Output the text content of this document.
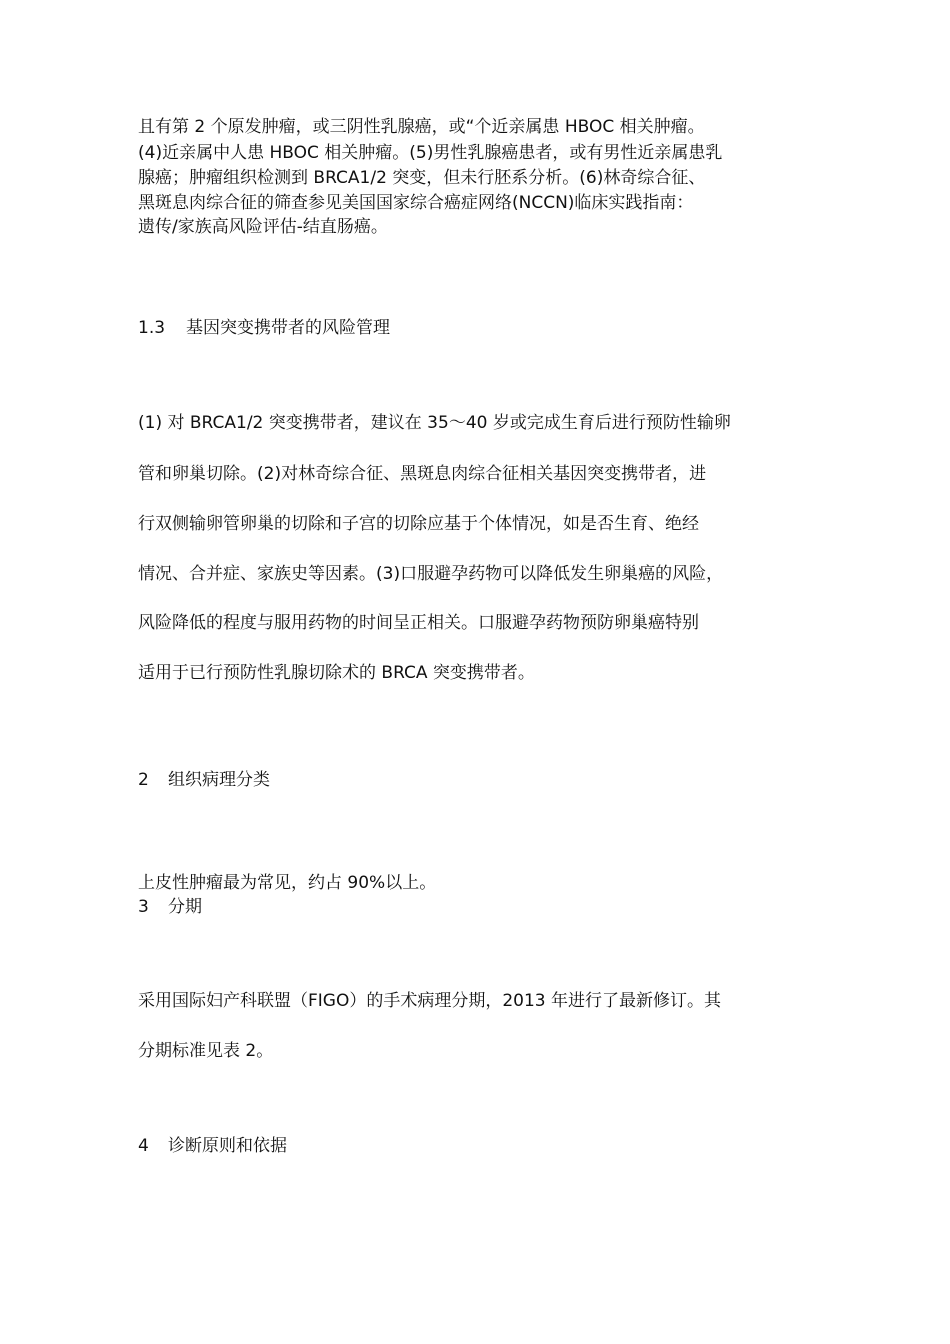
且有第 2 个原发肿瘤，或三阴性乳腺癌，或“个近亲属患 HBOC 相关肿瘤。
(4)近亲属中人患 HBOC 相关肿瘤。(5)男性乳腺癌患者，或有男性近亲属患乳
腺癌；肿瘤组织检测到 BRCA1/2 突变，但未行胚系分析。(6)林奇综合征、
黑斑息肉综合征的筛查参见美国国家综合癌症网络(NCCN)临床实践指南：
遗传/家族高风险评估-结直肠癌。
1.3 基因突变携带者的风险管理
(1) 对 BRCA1/2 突变携带者，建议在 35～40 岁或完成生育后进行预防性输卵
管和卵巢切除。(2)对林奇综合征、黑斑息肉综合征相关基因突变携带者，进
行双侧输卵管卵巢的切除和子宫的切除应基于个体情况，如是否生育、绝经
情况、合并症、家族史等因素。(3)口服避孕药物可以降低发生卵巢癌的风险，
风险降低的程度与服用药物的时间呈正相关。口服避孕药物预防卵巢癌特别
适用于已行预防性乳腺切除术的 BRCA 突变携带者。
2 组织病理分类
上皮性肿瘤最为常见，约占 90%以上。
3 分期
采用国际妇产科联盟（FIGO）的手术病理分期，2013 年进行了最新修订。其
分期标准见表 2。
4 诊断原则和依据
